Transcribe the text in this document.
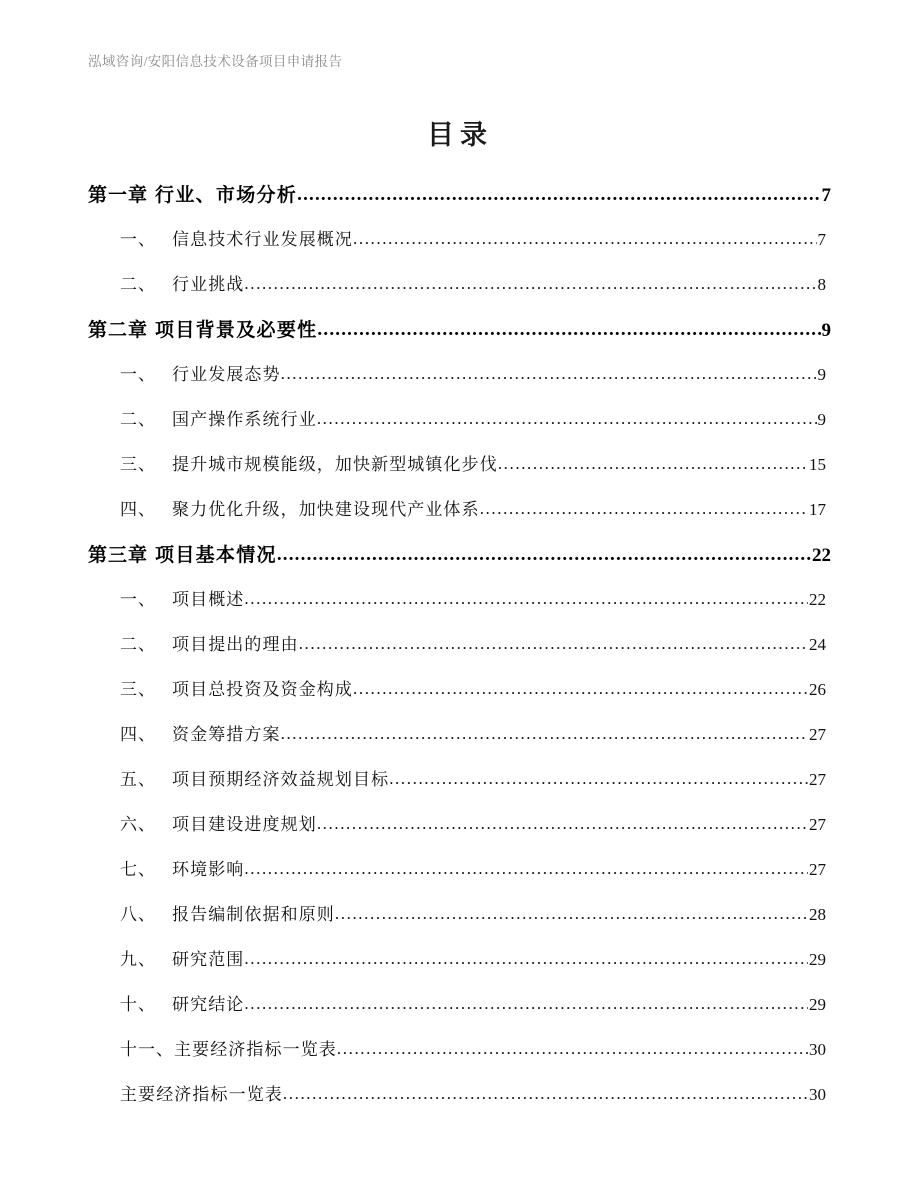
泓域咨询/安阳信息技术设备项目申请报告
目录
第一章 行业、市场分析 .....	7
一、 信息技术行业发展概况 .....	7
二、 行业挑战 .....	8
第二章 项目背景及必要性 .....	9
一、 行业发展态势 .....	9
二、 国产操作系统行业 .....	9
三、 提升城市规模能级，加快新型城镇化步伐 .....	15
四、 聚力优化升级，加快建设现代产业体系 .....	17
第三章 项目基本情况 .....	22
一、 项目概述 .....	22
二、 项目提出的理由 .....	24
三、 项目总投资及资金构成 .....	26
四、 资金筹措方案 .....	27
五、 项目预期经济效益规划目标 .....	27
六、 项目建设进度规划 .....	27
七、 环境影响 .....	27
八、 报告编制依据和原则 .....	28
九、 研究范围 .....	29
十、 研究结论 .....	29
十一、 主要经济指标一览表 .....	30
主要经济指标一览表 .....	30
